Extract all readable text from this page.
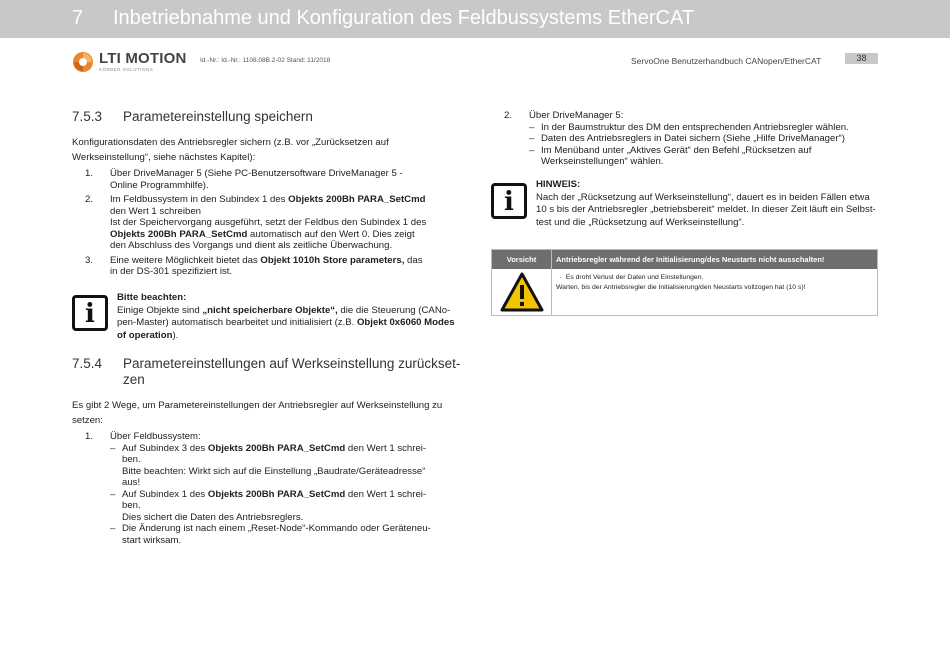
7 Inbetriebnahme und Konfiguration des Feldbussystems EtherCAT
LTI MOTION
KÖRBER SOLUTIONS
Id.-Nr.: Id.-Nr.: 1108.08B.2-02 Stand: 11/2018	ServoOne Benutzerhandbuch CANopen/EtherCAT	38
7.5.3 Parametereinstellung speichern

Konfigurationsdaten des Antriebsregler sichern (z.B. vor „Zurücksetzen auf
Werkseinstellung“, siehe nächstes Kapitel):

1. Über DriveManager 5 (Siehe PC-Benutzersoftware DriveManager 5 -
Online Programmhilfe).
2. Im Feldbussystem in den Subindex 1 des Objekts 200Bh PARA_SetCmd
den Wert 1 schreiben
Ist der Speichervorgang ausgeführt, setzt der Feldbus den Subindex 1 des
Objekts 200Bh PARA_SetCmd automatisch auf den Wert 0. Dies zeigt
den Abschluss des Vorgangs und dient als zeitliche Überwachung.
3. Eine weitere Möglichkeit bietet das Objekt 1010h Store parameters, das
in der DS-301 spezifiziert ist.
i
Bitte beachten:
Einige Objekte sind „nicht speicherbare Objekte“, die die Steuerung (CANo-
pen-Master) automatisch bearbeitet und initialisiert (z.B. Objekt 0x6060 Modes
of operation).
7.5.4 Parametereinstellungen auf Werkseinstellung zurückset-
zen

Es gibt 2 Wege, um Parametereinstellungen der Antriebsregler auf Werkseinstellung zu
setzen:

1. Über Feldbussystem:
– Auf Subindex 3 des Objekts 200Bh PARA_SetCmd den Wert 1 schrei-
ben.
Bitte beachten: Wirkt sich auf die Einstellung „Baudrate/Geräteadresse“
aus!
– Auf Subindex 1 des Objekts 200Bh PARA_SetCmd den Wert 1 schrei-
ben.
Dies sichert die Daten des Antriebsreglers.
– Die Änderung ist nach einem „Reset-Node“-Kommando oder Geräteneu-
start wirksam.
2. Über DriveManager 5:
– In der Baumstruktur des DM den entsprechenden Antriebsregler wählen.
– Daten des Antriebsreglers in Datei sichern (Siehe „Hilfe DriveManager“)
– Im Menüband unter „Aktives Gerät“ den Befehl „Rücksetzen auf
Werkseinstellungen“ wählen.
i
HINWEIS:
Nach der „Rücksetzung auf Werkseinstellung“, dauert es in beiden Fällen etwa
10 s bis der Antriebsregler „betriebsbereit“ meldet. In dieser Zeit läuft ein Selbst-
test und die „Rücksetzung auf Werkseinstellung“.
Vorsicht	Antriebsregler während der Initialisierung/des Neustarts nicht ausschalten!
· Es droht Verlust der Daten und Einstellungen.
Warten, bis der Antriebsregler die Initialisierung/den Neustarts vollzogen hat (10 s)!
